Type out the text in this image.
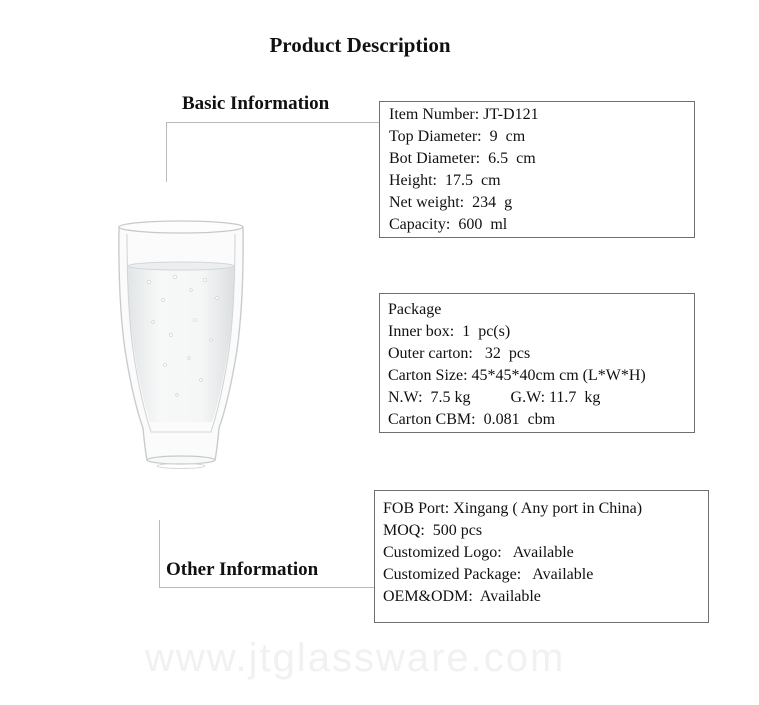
Product Description
Basic Information
Item Number: JT-D121
Top Diameter:  9  cm
Bot Diameter:  6.5  cm
Height:  17.5  cm
Net weight:  234  g
Capacity:  600  ml
Package
Inner box:  1  pc(s)
Outer carton:   32  pcs
Carton Size: 45*45*40cm cm (L*W*H)
N.W:  7.5 kg          G.W: 11.7  kg
Carton CBM:  0.081  cbm
Other Information
FOB Port: Xingang ( Any port in China)
MOQ:  500 pcs
Customized Logo:   Available
Customized Package:   Available
OEM&ODM:  Available
www.jtglassware.com
